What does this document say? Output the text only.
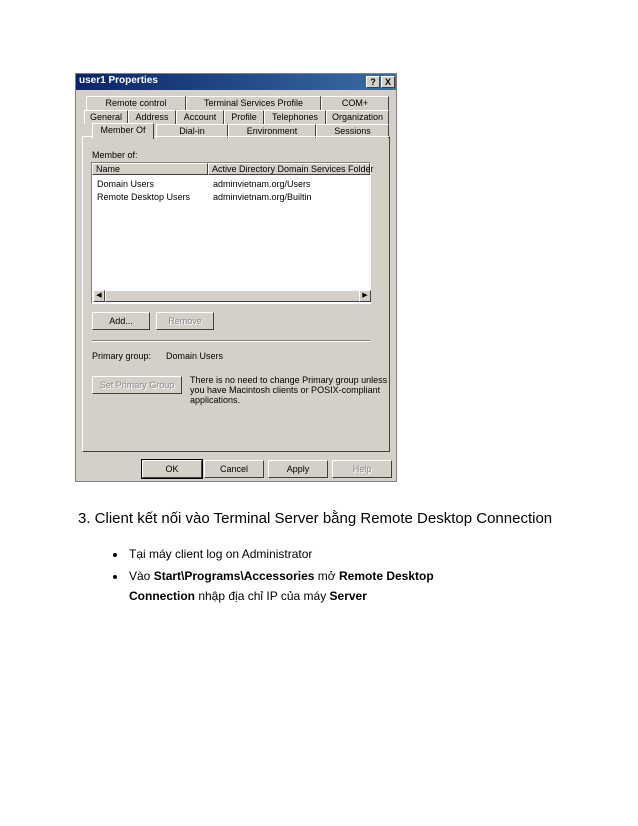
user1 Properties	?	X
Remote control	Terminal Services Profile	COM+
General	Address	Account	Profile	Telephones	Organization
Member Of	Dial-in	Environment	Sessions
Member of:
Name	Active Directory Domain Services Folder
Domain Users	adminvietnam.org/Users
Remote Desktop Users	adminvietnam.org/Builtin
◀	▶
Add...	Remove
Primary group: Domain Users
Set Primary Group	There is no need to change Primary group unless
you have Macintosh clients or POSIX-compliant
applications.
OK	Cancel	Apply	Help
3. Client kết nối vào Terminal Server bằng Remote Desktop Connection
Tại máy client log on Administrator
Vào Start\Programs\Accessories mở Remote Desktop
Connection nhập địa chỉ IP của máy Server
